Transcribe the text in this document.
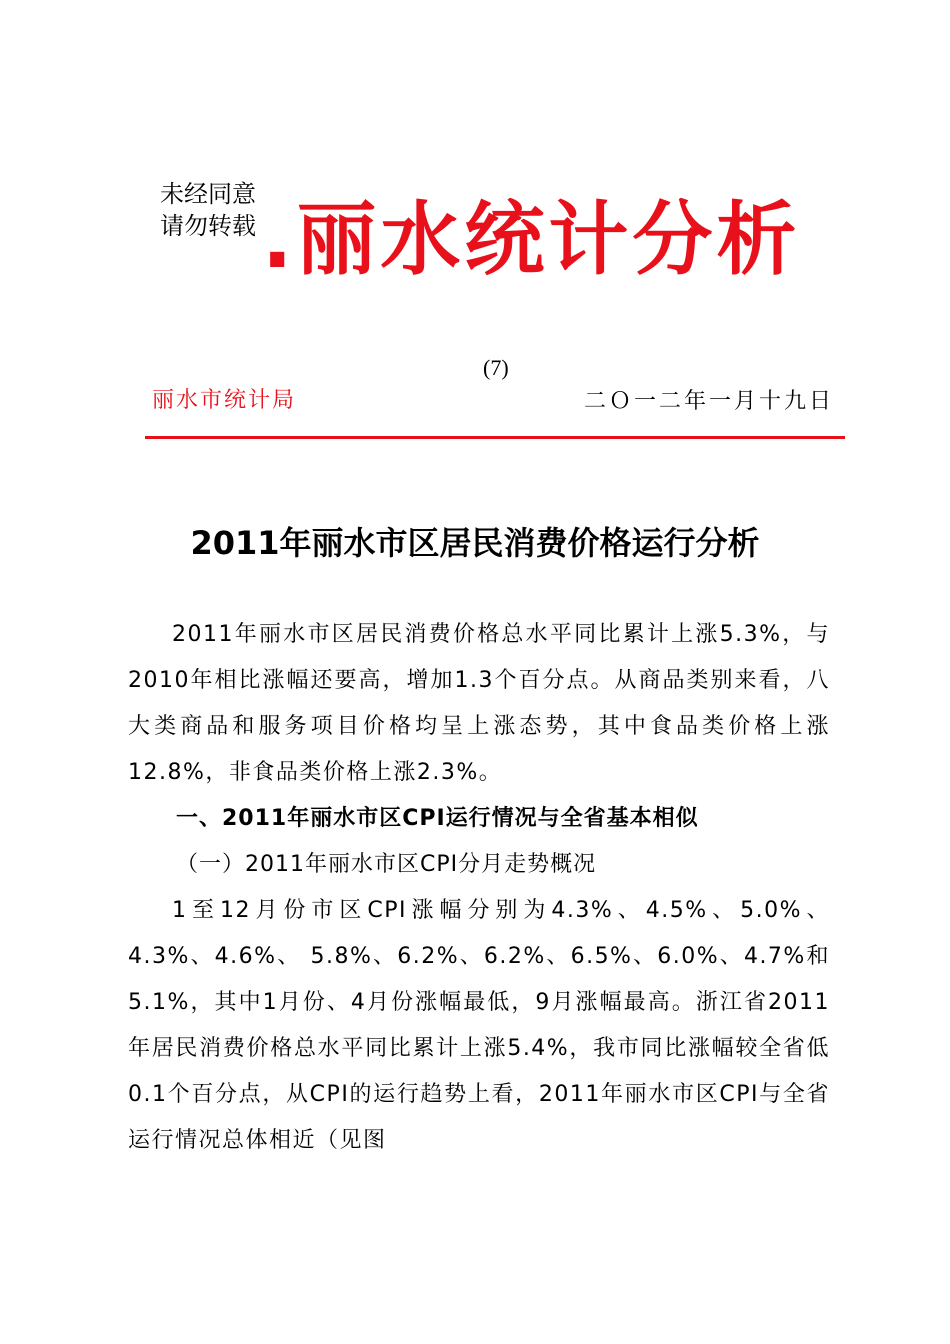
未经同意
请勿转载 .丽水统计分析
(7)
丽水市统计局	二Ｏ一二年一月十九日
2011年丽水市区居民消费价格运行分析

2011年丽水市区居民消费价格总水平同比累计上涨5.3%，与2010年相比涨幅还要高，增加1.3个百分点。从商品类别来看，八大类商品和服务项目价格均呈上涨态势，其中食品类价格上涨12.8%，非食品类价格上涨2.3%。

一、2011年丽水市区CPI运行情况与全省基本相似

（一）2011年丽水市区CPI分月走势概况

1至12月份市区CPI涨幅分别为4.3%、4.5%、5.0%、4.3%、4.6%、 5.8%、6.2%、6.2%、6.5%、6.0%、4.7%和5.1%，其中1月份、4月份涨幅最低，9月涨幅最高。浙江省2011年居民消费价格总水平同比累计上涨5.4%，我市同比涨幅较全省低0.1个百分点，从CPI的运行趋势上看，2011年丽水市区CPI与全省运行情况总体相近（见图
